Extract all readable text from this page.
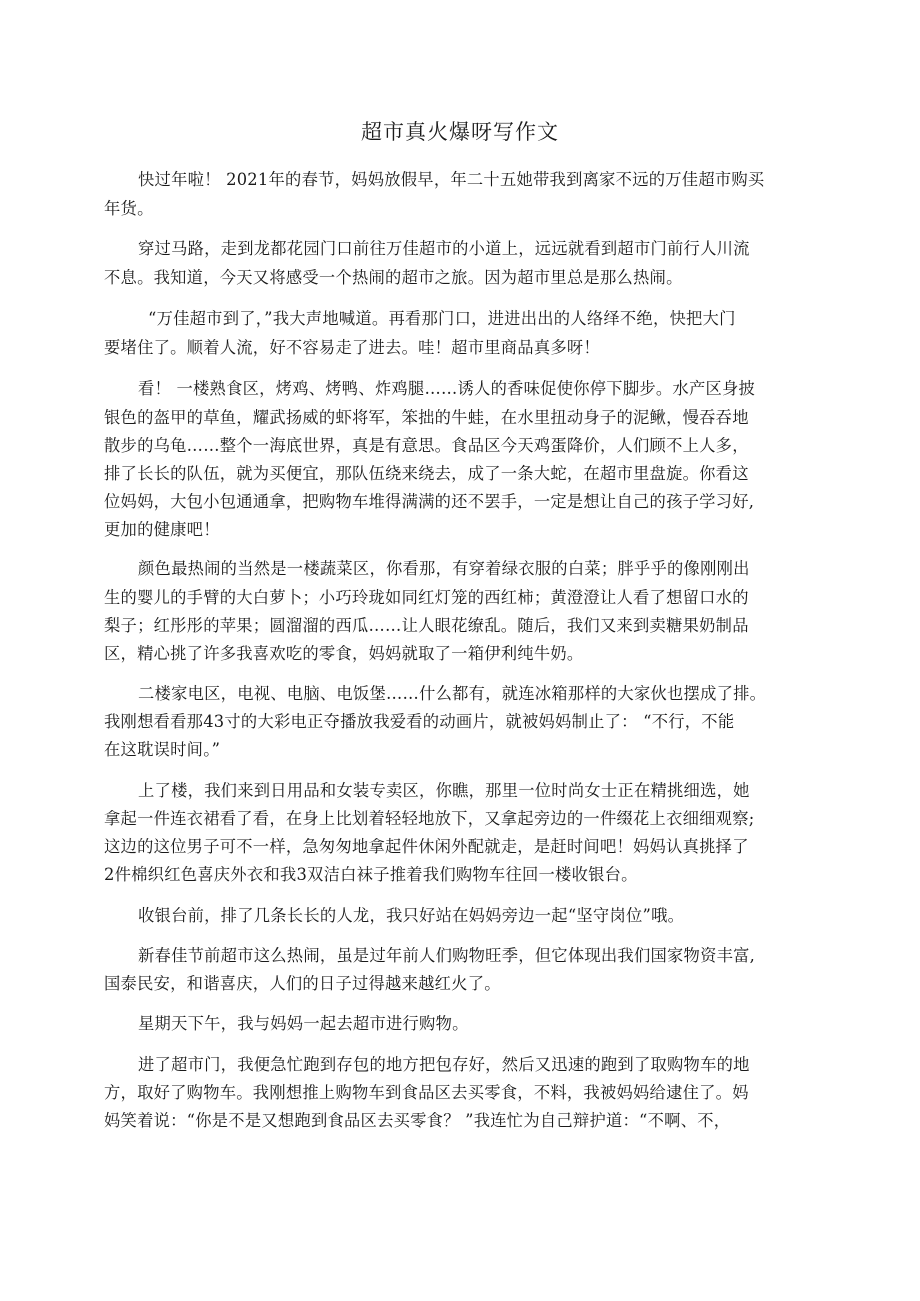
超市真火爆呀写作文
快过年啦！ 2021年的春节，妈妈放假早，年二十五她带我到离家不远的万佳超市购买
年货。
穿过马路，走到龙都花园门口前往万佳超市的小道上，远远就看到超市门前行人川流
不息。我知道，今天又将感受一个热闹的超市之旅。因为超市里总是那么热闹。
“万佳超市到了，”我大声地喊道。再看那门口，进进出出的人络绎不绝，快把大门
要堵住了。顺着人流，好不容易走了进去。哇！超市里商品真多呀！
看！ 一楼熟食区，烤鸡、烤鸭、炸鸡腿……诱人的香味促使你停下脚步。水产区身披
银色的盔甲的草鱼，耀武扬威的虾将军，笨拙的牛蛙，在水里扭动身子的泥鳅，慢吞吞地
散步的乌龟……整个一海底世界，真是有意思。食品区今天鸡蛋降价，人们顾不上人多，
排了长长的队伍，就为买便宜，那队伍绕来绕去，成了一条大蛇，在超市里盘旋。你看这
位妈妈，大包小包通通拿，把购物车堆得满满的还不罢手，一定是想让自己的孩子学习好,
更加的健康吧！
颜色最热闹的当然是一楼蔬菜区，你看那，有穿着绿衣服的白菜；胖乎乎的像刚刚出
生的婴儿的手臂的大白萝卜；小巧玲珑如同红灯笼的西红柿；黄澄澄让人看了想留口水的
梨子；红彤彤的苹果；圆溜溜的西瓜……让人眼花缭乱。随后，我们又来到卖糖果奶制品
区，精心挑了许多我喜欢吃的零食，妈妈就取了一箱伊利纯牛奶。
二楼家电区，电视、电脑、电饭堡……什么都有，就连冰箱那样的大家伙也摆成了排。
我刚想看看那43寸的大彩电正夺播放我爱看的动画片，就被妈妈制止了： “不行，不能
在这耽误时间。”
上了楼，我们来到日用品和女装专卖区，你瞧，那里一位时尚女士正在精挑细选，她
拿起一件连衣裙看了看，在身上比划着轻轻地放下，又拿起旁边的一件缀花上衣细细观察;
这边的这位男子可不一样，急匆匆地拿起件休闲外配就走，是赶时间吧！妈妈认真挑择了
2件棉织红色喜庆外衣和我3双洁白袜子推着我们购物车往回一楼收银台。
收银台前，排了几条长长的人龙，我只好站在妈妈旁边一起“坚守岗位”哦。
新春佳节前超市这么热闹，虽是过年前人们购物旺季，但它体现出我们国家物资丰富,
国泰民安，和谐喜庆，人们的日子过得越来越红火了。
星期天下午，我与妈妈一起去超市进行购物。
进了超市门，我便急忙跑到存包的地方把包存好，然后又迅速的跑到了取购物车的地
方，取好了购物车。我刚想推上购物车到食品区去买零食，不料，我被妈妈给逮住了。妈
妈笑着说：“你是不是又想跑到食品区去买零食？ ”我连忙为自己辩护道：“不啊、不，
